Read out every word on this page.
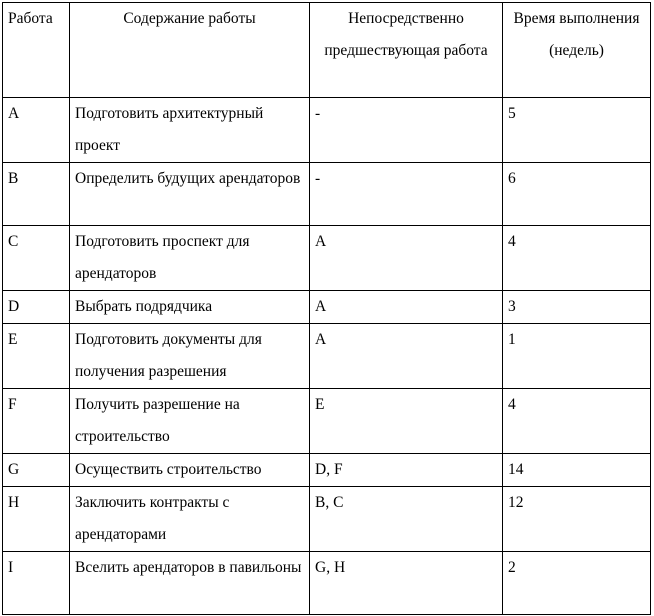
Работа	Содержание работы	Непосредственно предшествующая работа	Время выполнения (недель)
A	Подготовить архитектурный проект	-	5
B	Определить будущих арендаторов	-	6
C	Подготовить проспект для арендаторов	A	4
D	Выбрать подрядчика	A	3
E	Подготовить документы для получения разрешения	A	1
F	Получить разрешение на строительство	E	4
G	Осуществить строительство	D, F	14
H	Заключить контракты с арендаторами	B, C	12
I	Вселить арендаторов в павильоны	G, H	2
